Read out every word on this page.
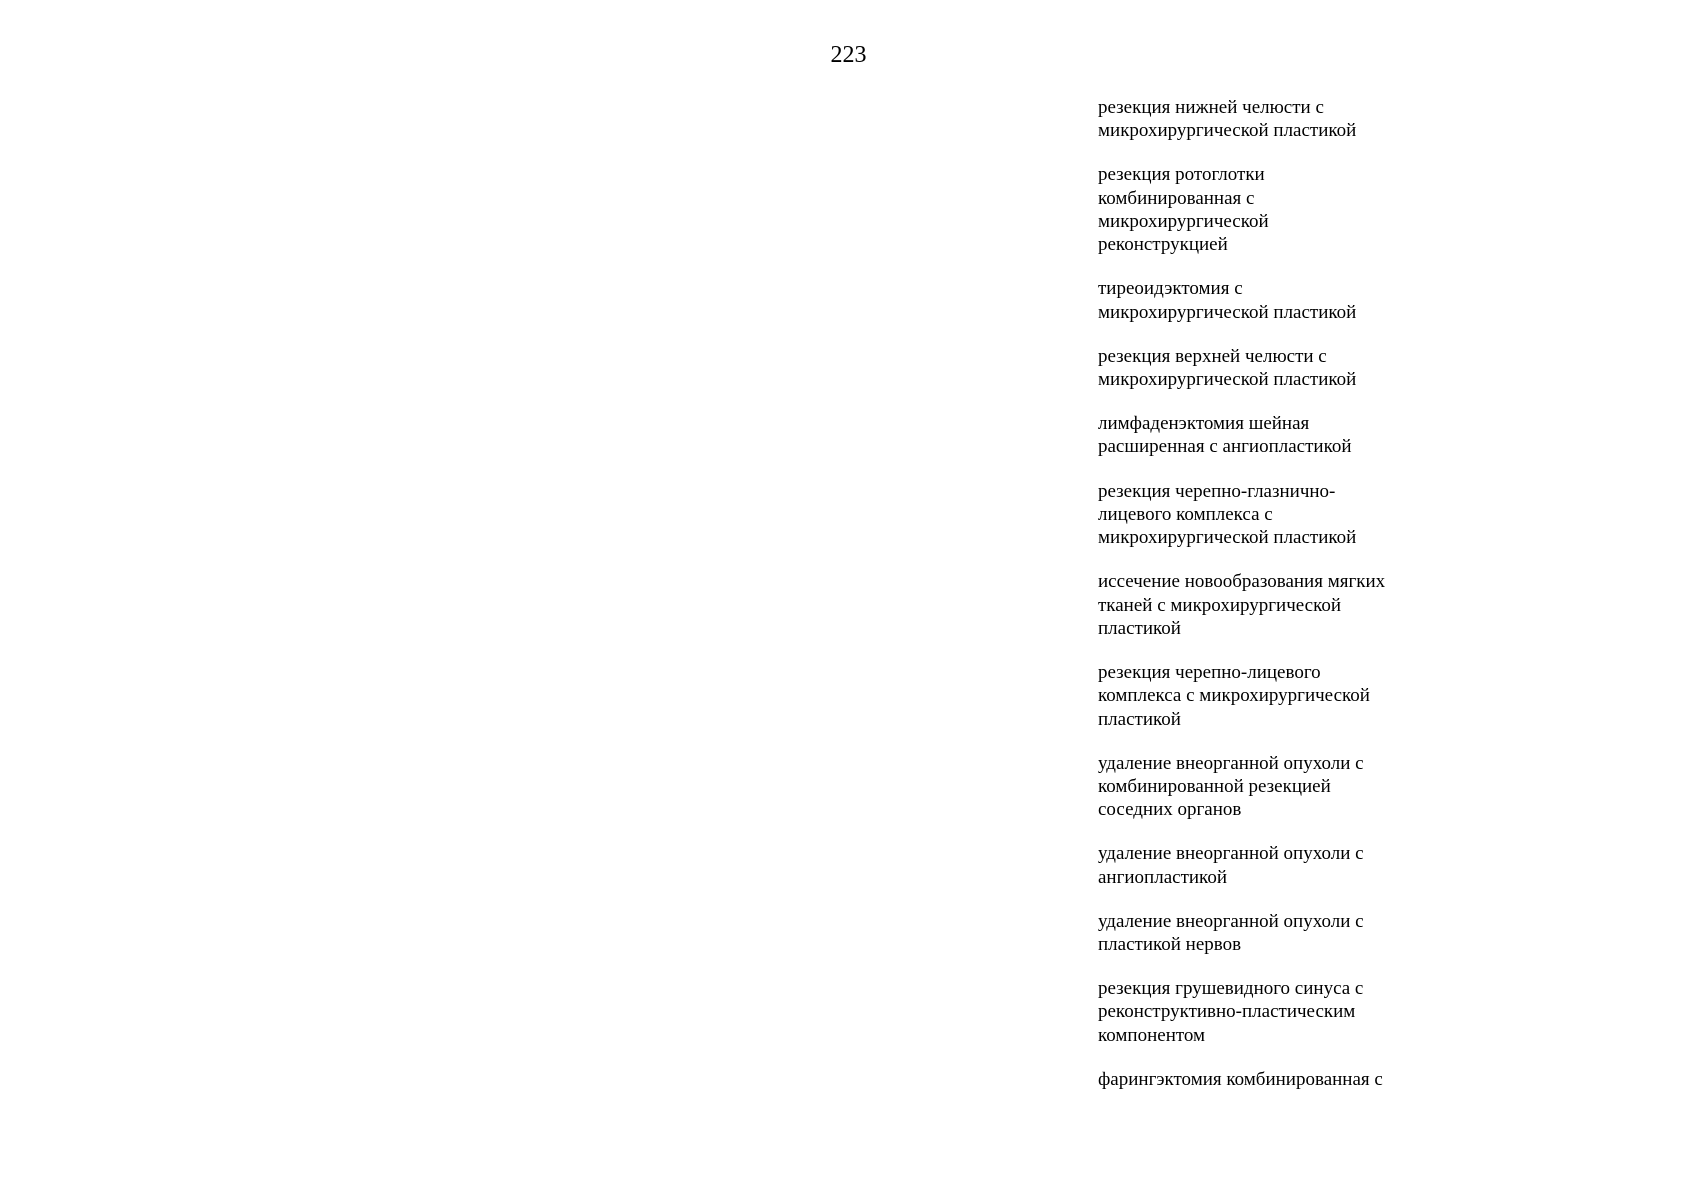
223
резекция нижней челюсти с
микрохирургической пластикой
резекция ротоглотки
комбинированная с
микрохирургической
реконструкцией
тиреоидэктомия с
микрохирургической пластикой
резекция верхней челюсти с
микрохирургической пластикой
лимфаденэктомия шейная
расширенная с ангиопластикой
резекция черепно-глазнично-
лицевого комплекса с
микрохирургической пластикой
иссечение новообразования мягких
тканей с микрохирургической
пластикой
резекция черепно-лицевого
комплекса с микрохирургической
пластикой
удаление внеорганной опухоли с
комбинированной резекцией
соседних органов
удаление внеорганной опухоли с
ангиопластикой
удаление внеорганной опухоли с
пластикой нервов
резекция грушевидного синуса с
реконструктивно-пластическим
компонентом
фарингэктомия комбинированная с
